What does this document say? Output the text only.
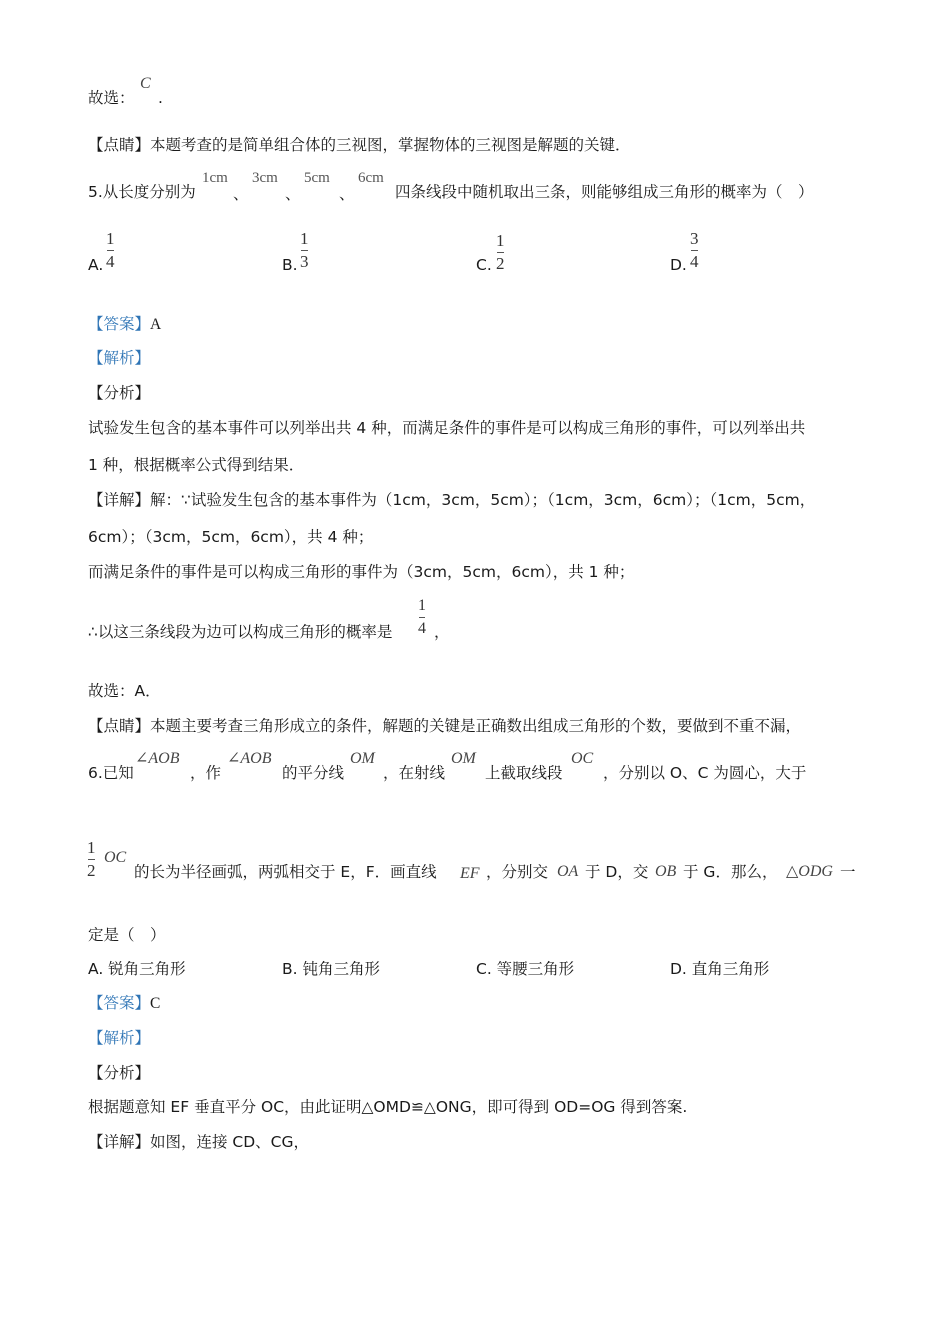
故选：
C
.
【点睛】本题考查的是简单组合体的三视图，掌握物体的三视图是解题的关键．
5.从长度分别为
1cm
、
3cm
、
5cm
、
6cm
四条线段中随机取出三条，则能够组成三角形的概率为（　）
A.
1
4	B.
1
3	C.
1
2	D.
3
4
【答案】A
【解析】
【分析】
试验发生包含的基本事件可以列举出共 4 种，而满足条件的事件是可以构成三角形的事件，可以列举出共
1 种，根据概率公式得到结果．
【详解】解：∵试验发生包含的基本事件为（1cm，3cm，5cm）；（1cm，3cm，6cm）；（1cm，5cm，
6cm）；（3cm，5cm，6cm），共 4 种；
而满足条件的事件是可以构成三角形的事件为（3cm，5cm，6cm），共 1 种；
∴以这三条线段为边可以构成三角形的概率是
1
4 ，
故选：A．
【点睛】本题主要考查三角形成立的条件，解题的关键是正确数出组成三角形的个数，要做到不重不漏，
6.已知
∠AOB
，作
∠AOB
的平分线
OM
，在射线
OM
上截取线段
OC
，分别以 O、C 为圆心，大于
1
2
OC
的长为半径画弧，两弧相交于 E，F．画直线 EF ，分别交 OA 于 D，交 OB 于 G．那么， △ODG 一
定是（　）
A. 锐角三角形	B. 钝角三角形	C. 等腰三角形	D. 直角三角形
【答案】C
【解析】
【分析】
根据题意知 EF 垂直平分 OC，由此证明△OMD≌△ONG，即可得到 OD=OG 得到答案.
【详解】如图，连接 CD、CG，
